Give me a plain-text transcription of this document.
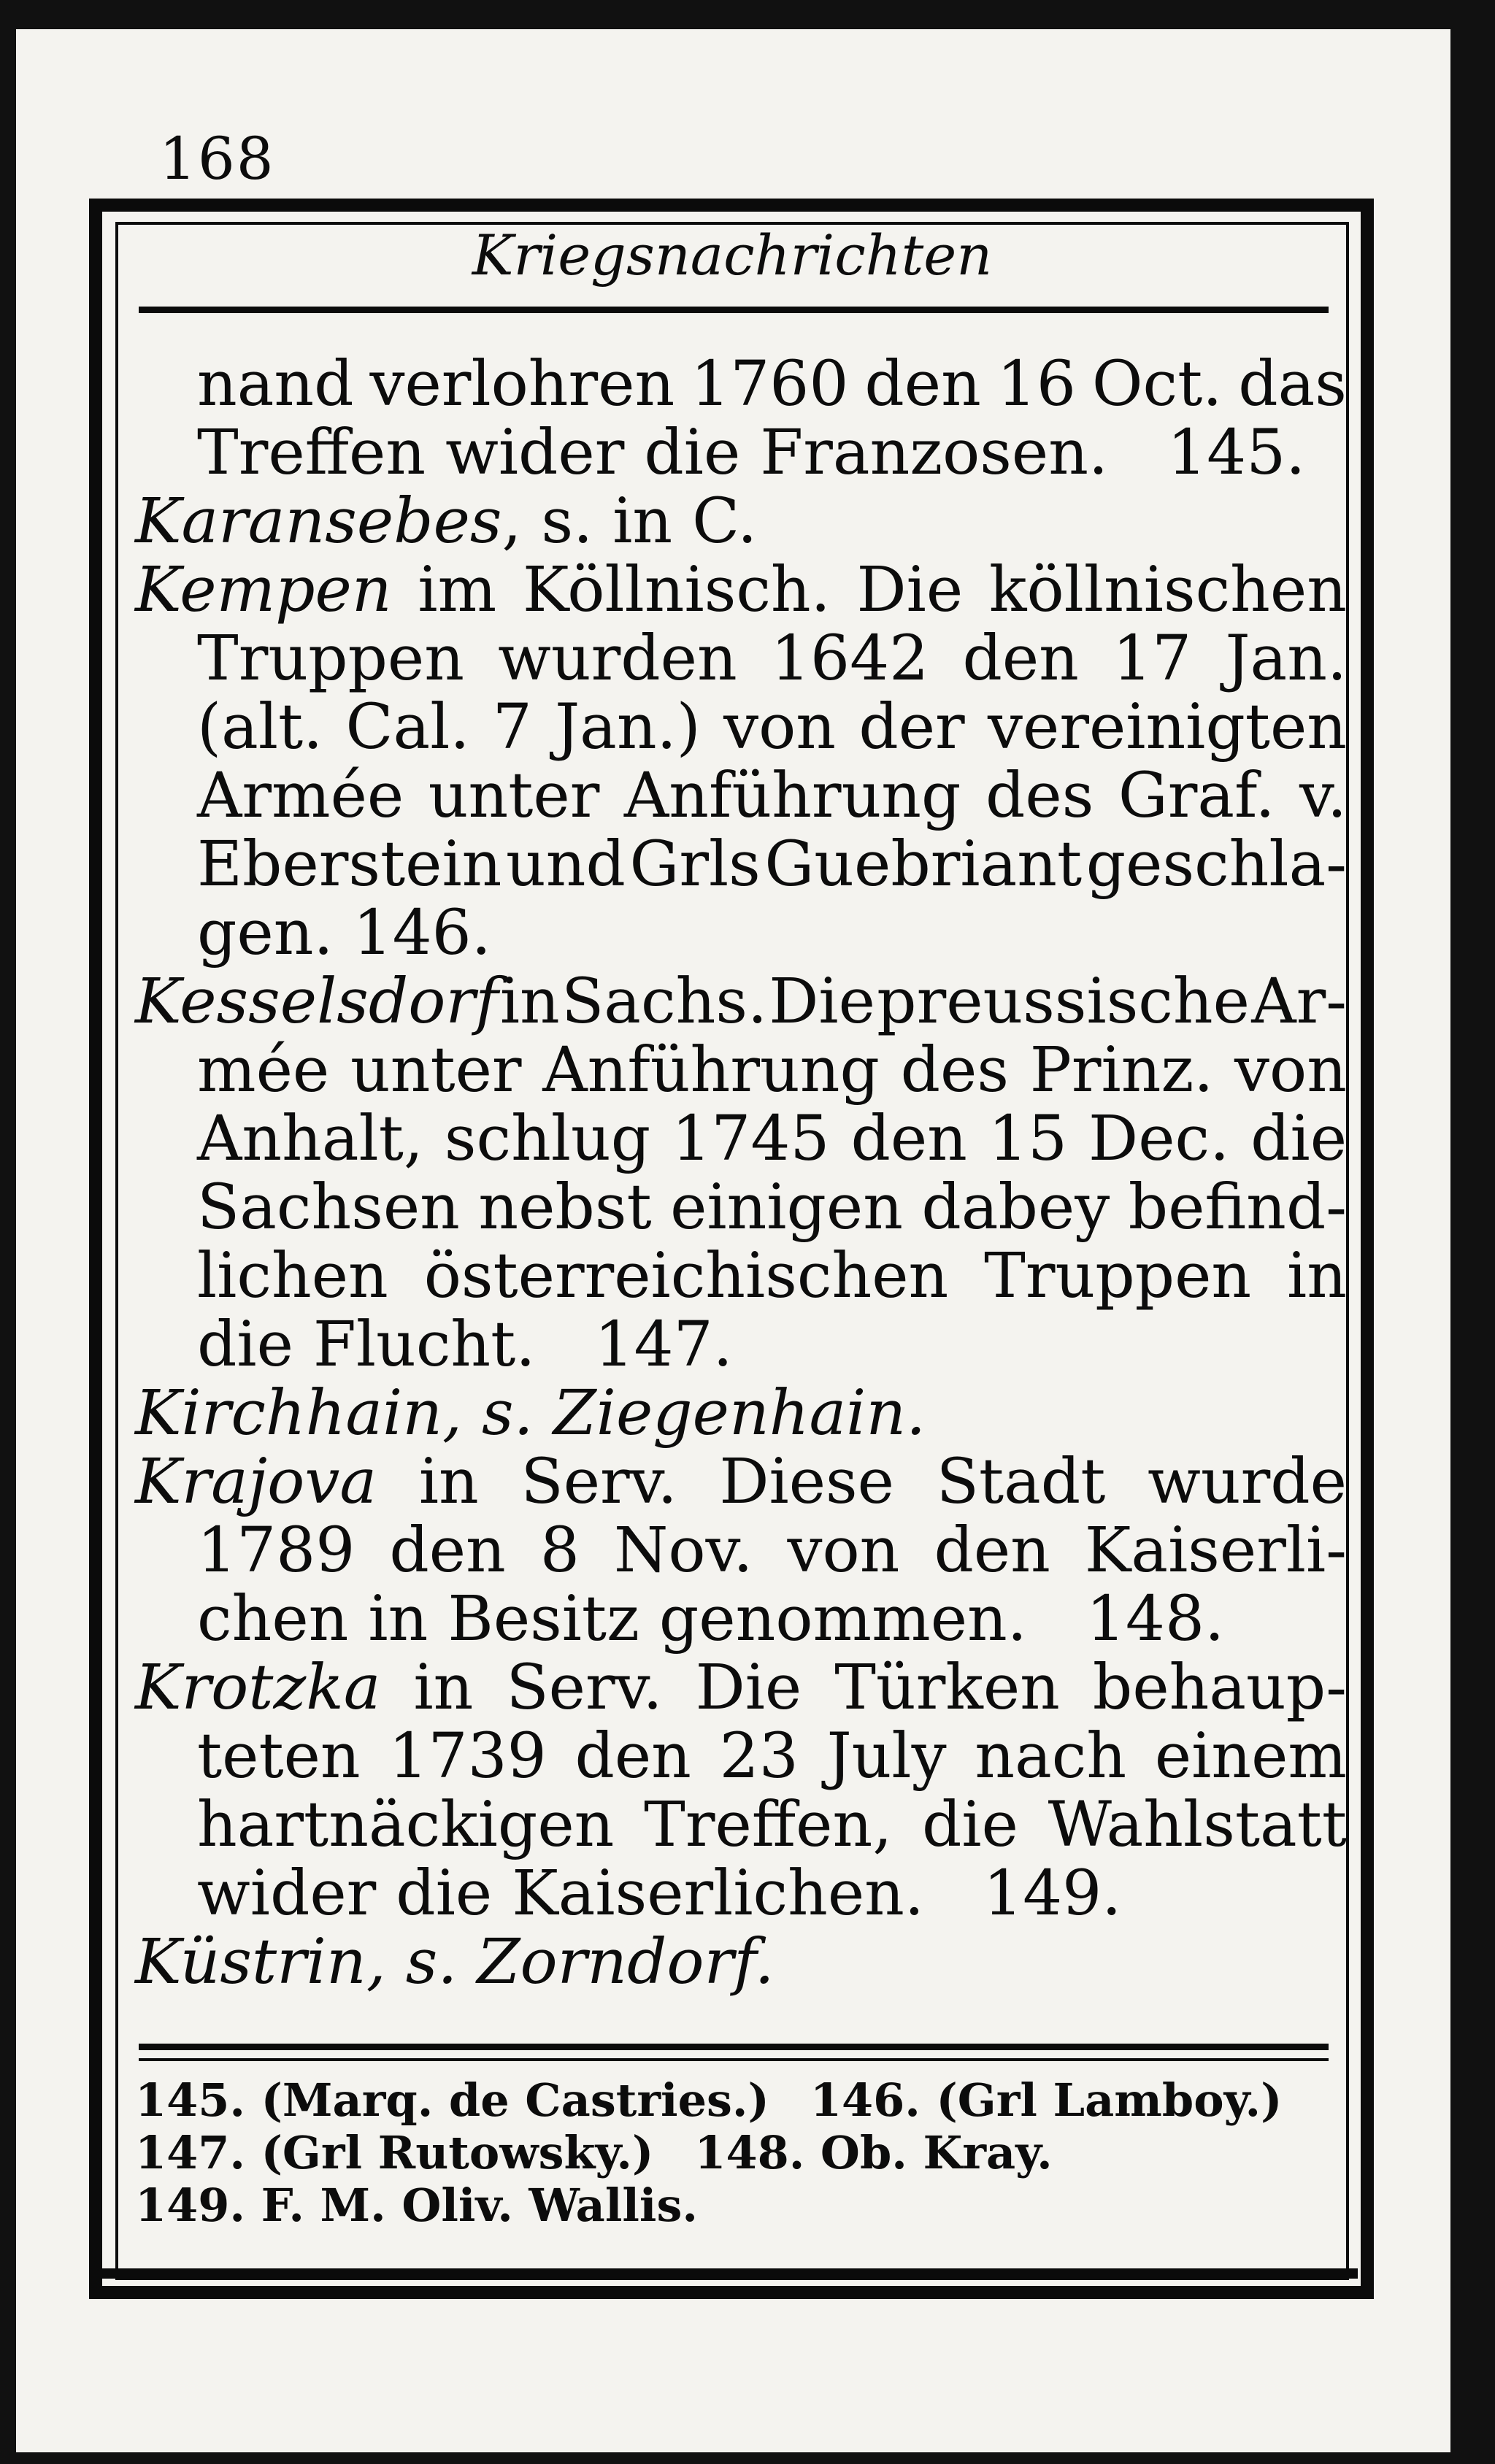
168
Kriegsnachrichten
nand verlohren 1760 den 16 Oct. das
Treffen wider die Franzosen.   145.
Karansebes, s. in C.
Kempen im Köllnisch. Die köllnischen
Truppen wurden 1642 den 17 Jan.
(alt. Cal. 7 Jan.) von der vereinigten
Armée unter Anführung des Graf. v.
Eberstein und Grls Guebriant geschla-
gen. 146.
Kesselsdorf in Sachs. Die preussische Ar-
mée unter Anführung des Prinz. von
Anhalt, schlug 1745 den 15 Dec. die
Sachsen nebst einigen dabey befind-
lichen österreichischen Truppen in
die Flucht.   147.
Kirchhain, s. Ziegenhain.
Krajova in Serv. Diese Stadt wurde
1789 den 8 Nov. von den Kaiserli-
chen in Besitz genommen.   148.
Krotzka in Serv. Die Türken behaup-
teten 1739 den 23 July nach einem
hartnäckigen Treffen, die Wahlstatt
wider die Kaiserlichen.   149.
Küstrin, s. Zorndorf.
145. (Marq. de Castries.) 146. (Grl Lamboy.)
147. (Grl Rutowsky.) 148. Ob. Kray.
149. F. M. Oliv. Wallis.
